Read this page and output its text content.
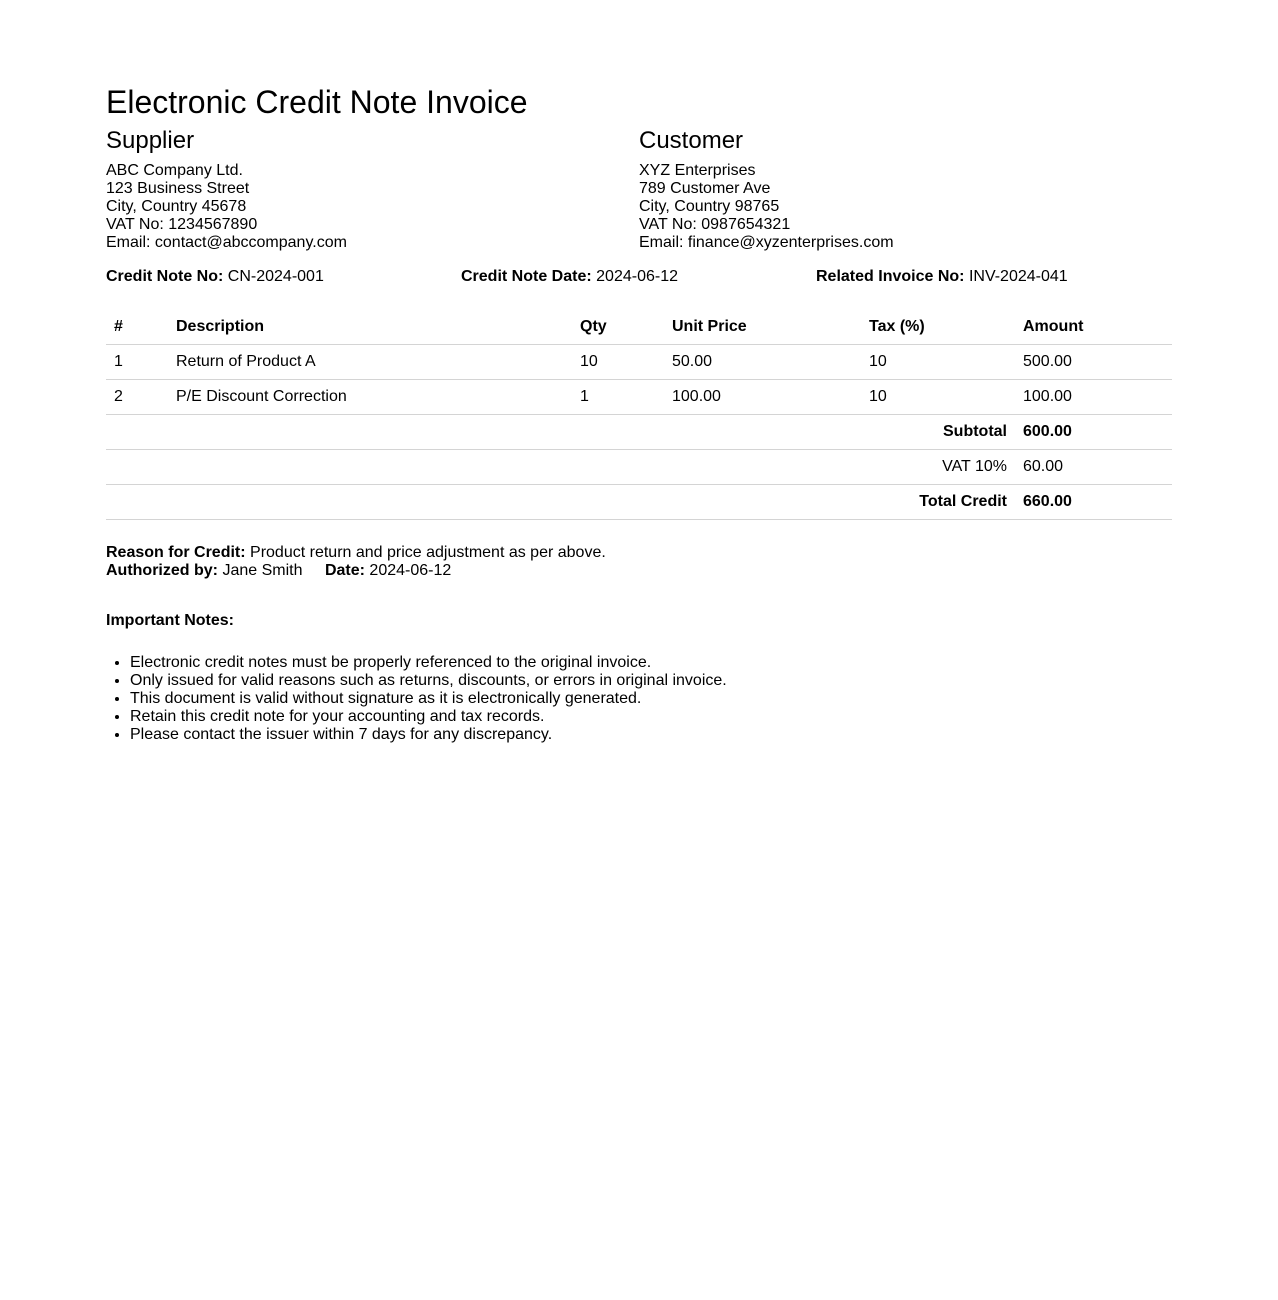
Electronic Credit Note Invoice
Supplier
ABC Company Ltd.
123 Business Street
City, Country 45678
VAT No: 1234567890
Email: contact@abccompany.com
Customer
XYZ Enterprises
789 Customer Ave
City, Country 98765
VAT No: 0987654321
Email: finance@xyzenterprises.com
Credit Note No: CN-2024-001	Credit Note Date: 2024-06-12	Related Invoice No: INV-2024-041
#	Description	Qty	Unit Price	Tax (%)	Amount
1	Return of Product A	10	50.00	10	500.00
2	P/E Discount Correction	1	100.00	10	100.00
Subtotal					600.00
VAT 10%					60.00
Total Credit					660.00
Reason for Credit: Product return and price adjustment as per above.
Authorized by: Jane Smith Date: 2024-06-12
Important Notes:
• Electronic credit notes must be properly referenced to the original invoice.
• Only issued for valid reasons such as returns, discounts, or errors in original invoice.
• This document is valid without signature as it is electronically generated.
• Retain this credit note for your accounting and tax records.
• Please contact the issuer within 7 days for any discrepancy.
